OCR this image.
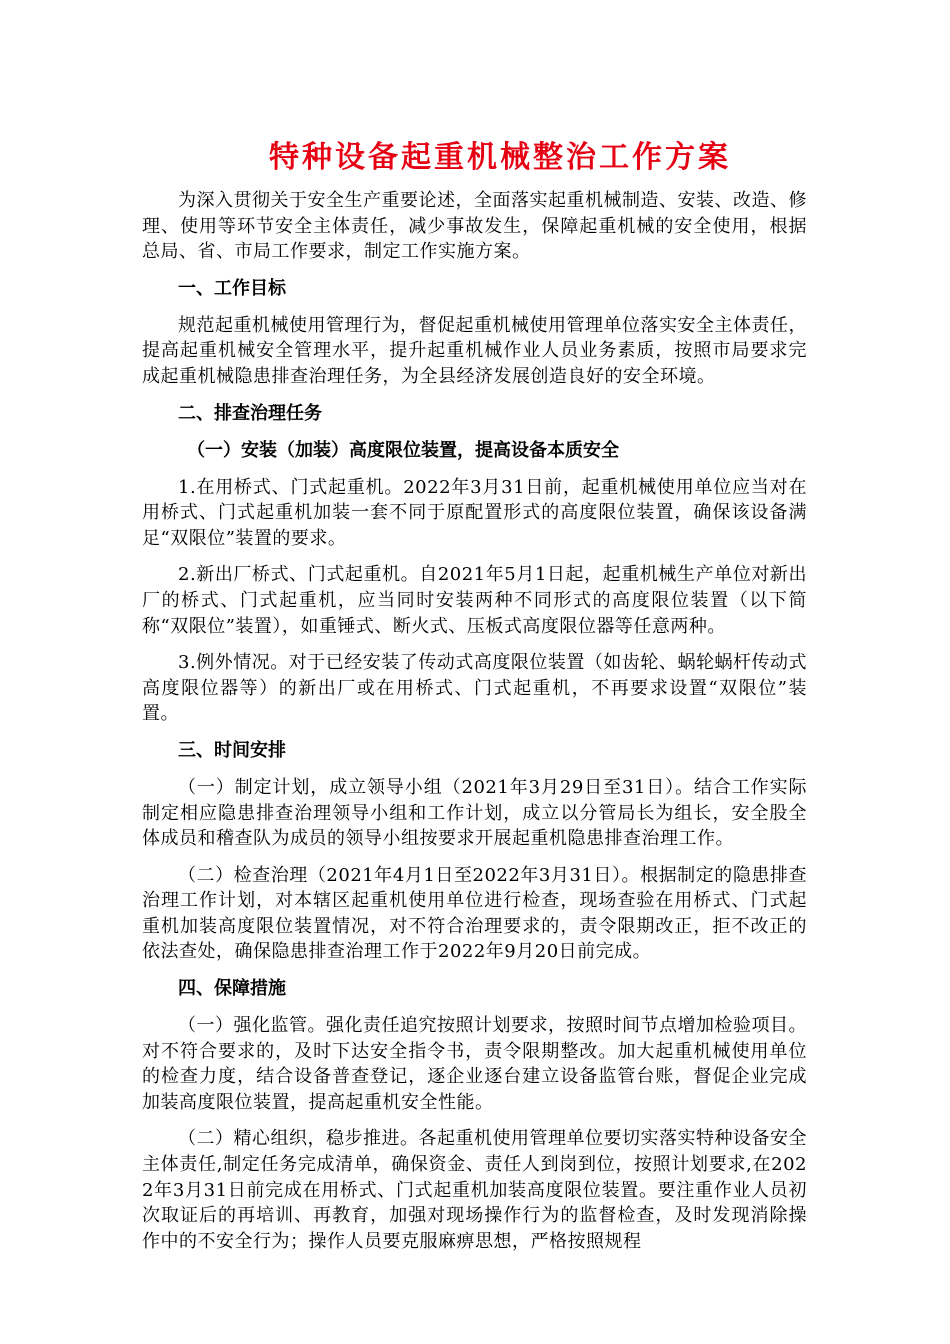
特种设备起重机械整治工作方案

为深入贯彻关于安全生产重要论述，全面落实起重机械制造、安装、改造、修理、使用等环节安全主体责任，减少事故发生，保障起重机械的安全使用，根据总局、省、市局工作要求，制定工作实施方案。

一、工作目标

规范起重机械使用管理行为，督促起重机械使用管理单位落实安全主体责任，提高起重机械安全管理水平，提升起重机械作业人员业务素质，按照市局要求完成起重机械隐患排查治理任务，为全县经济发展创造良好的安全环境。

二、排查治理任务

（一）安装（加装）高度限位装置，提高设备本质安全

1.在用桥式、门式起重机。2022年3月31日前，起重机械使用单位应当对在用桥式、门式起重机加装一套不同于原配置形式的高度限位装置，确保该设备满足“双限位”装置的要求。

2.新出厂桥式、门式起重机。自2021年5月1日起，起重机械生产单位对新出厂的桥式、门式起重机，应当同时安装两种不同形式的高度限位装置（以下简称“双限位”装置），如重锤式、断火式、压板式高度限位器等任意两种。

3.例外情况。对于已经安装了传动式高度限位装置（如齿轮、蜗轮蜗杆传动式高度限位器等）的新出厂或在用桥式、门式起重机，不再要求设置“双限位”装置。

三、时间安排

（一）制定计划，成立领导小组（2021年3月29日至31日）。结合工作实际制定相应隐患排查治理领导小组和工作计划，成立以分管局长为组长，安全股全体成员和稽查队为成员的领导小组按要求开展起重机隐患排查治理工作。

（二）检查治理（2021年4月1日至2022年3月31日）。根据制定的隐患排查治理工作计划，对本辖区起重机使用单位进行检查，现场查验在用桥式、门式起重机加装高度限位装置情况，对不符合治理要求的，责令限期改正，拒不改正的依法查处，确保隐患排查治理工作于2022年9月20日前完成。

四、保障措施

（一）强化监管。强化责任追究按照计划要求，按照时间节点增加检验项目。对不符合要求的，及时下达安全指令书，责令限期整改。加大起重机械使用单位的检查力度，结合设备普查登记，逐企业逐台建立设备监管台账，督促企业完成加装高度限位装置，提高起重机安全性能。

（二）精心组织，稳步推进。各起重机使用管理单位要切实落实特种设备安全主体责任,制定任务完成清单，确保资金、责任人到岗到位，按照计划要求,在2022年3月31日前完成在用桥式、门式起重机加装高度限位装置。要注重作业人员初次取证后的再培训、再教育，加强对现场操作行为的监督检查，及时发现消除操作中的不安全行为；操作人员要克服麻痹思想，严格按照规程
